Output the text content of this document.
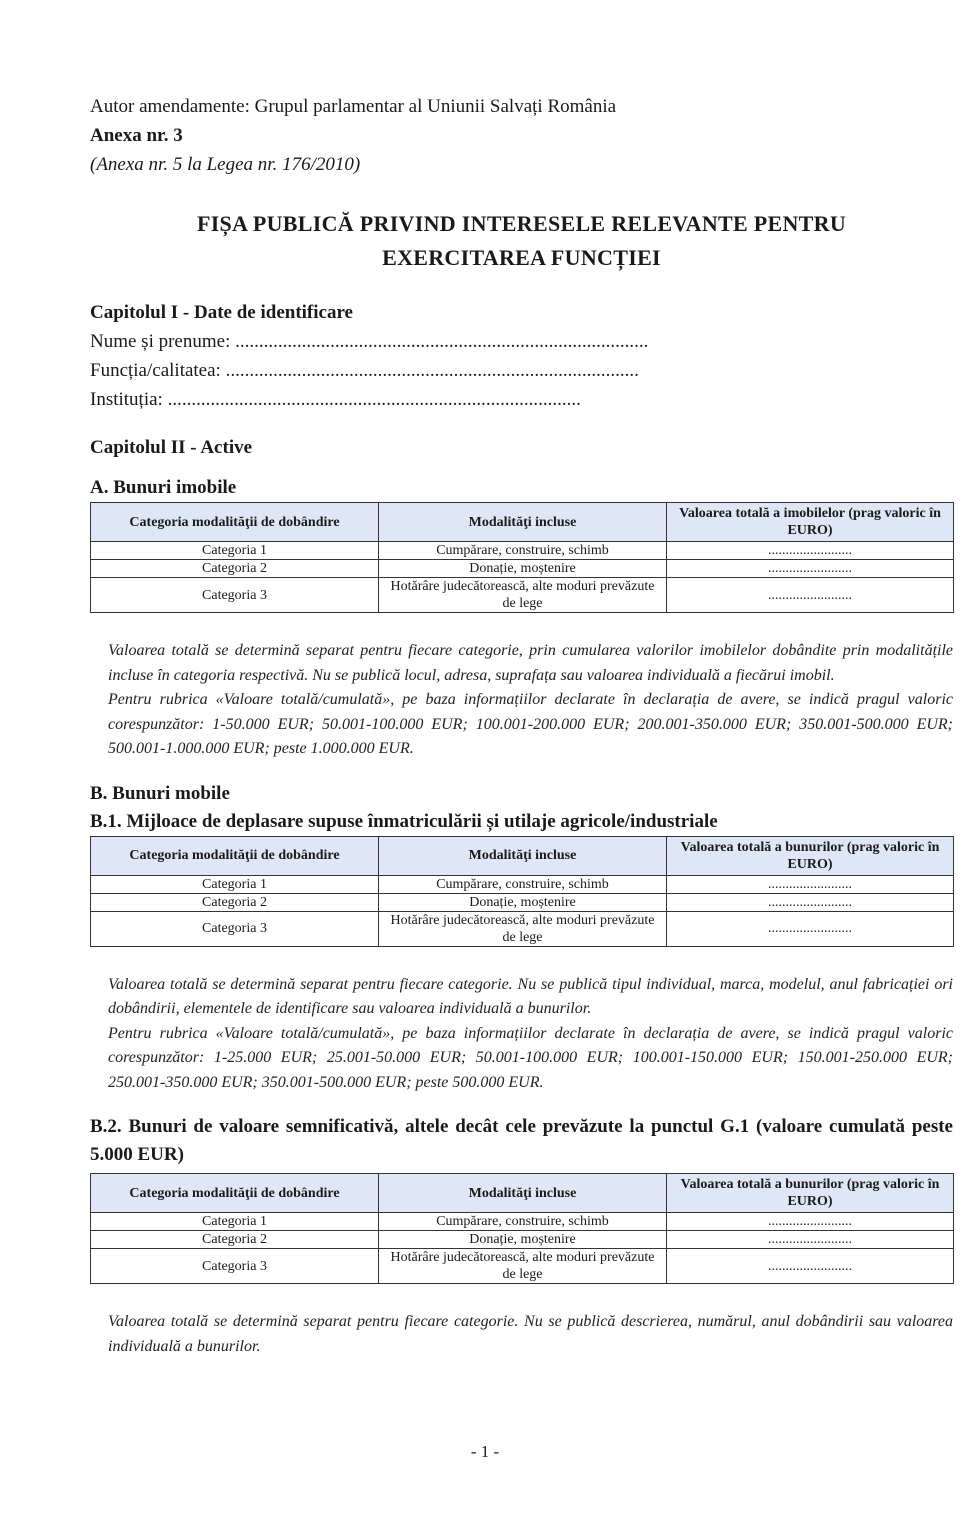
Autor amendamente: Grupul parlamentar al Uniunii Salvați România
Anexa nr. 3
(Anexa nr. 5 la Legea nr. 176/2010)
FIȘA PUBLICĂ PRIVIND INTERESELE RELEVANTE PENTRU
EXERCITAREA FUNCȚIEI
Capitolul I - Date de identificare
Nume și prenume: .......................................................................................
Funcția/calitatea: .......................................................................................
Instituția: .......................................................................................
Capitolul II - Active
A. Bunuri imobile
Categoria modalităţii de dobândire	Modalităţi incluse	Valoarea totală a imobilelor (prag valoric în EURO)
Categoria 1	Cumpărare, construire, schimb	........................
Categoria 2	Donație, moștenire	........................
Categoria 3	Hotărâre judecătorească, alte moduri prevăzute de lege	........................
Valoarea totală se determină separat pentru fiecare categorie, prin cumularea valorilor imobilelor dobândite prin modalitățile incluse în categoria respectivă. Nu se publică locul, adresa, suprafața sau valoarea individuală a fiecărui imobil.
Pentru rubrica «Valoare totală/cumulată», pe baza informațiilor declarate în declarația de avere, se indică pragul valoric corespunzător: 1-50.000 EUR; 50.001-100.000 EUR; 100.001-200.000 EUR; 200.001-350.000 EUR; 350.001-500.000 EUR; 500.001-1.000.000 EUR; peste 1.000.000 EUR.
B. Bunuri mobile
B.1. Mijloace de deplasare supuse înmatriculării și utilaje agricole/industriale
Categoria modalităţii de dobândire	Modalităţi incluse	Valoarea totală a bunurilor (prag valoric în EURO)
Categoria 1	Cumpărare, construire, schimb	........................
Categoria 2	Donație, moștenire	........................
Categoria 3	Hotărâre judecătorească, alte moduri prevăzute de lege	........................
Valoarea totală se determină separat pentru fiecare categorie. Nu se publică tipul individual, marca, modelul, anul fabricației ori dobândirii, elementele de identificare sau valoarea individuală a bunurilor.
Pentru rubrica «Valoare totală/cumulată», pe baza informațiilor declarate în declarația de avere, se indică pragul valoric corespunzător: 1-25.000 EUR; 25.001-50.000 EUR; 50.001-100.000 EUR; 100.001-150.000 EUR; 150.001-250.000 EUR; 250.001-350.000 EUR; 350.001-500.000 EUR; peste 500.000 EUR.
B.2. Bunuri de valoare semnificativă, altele decât cele prevăzute la punctul G.1 (valoare cumulată peste 5.000 EUR)
Categoria modalităţii de dobândire	Modalităţi incluse	Valoarea totală a bunurilor (prag valoric în EURO)
Categoria 1	Cumpărare, construire, schimb	........................
Categoria 2	Donație, moștenire	........................
Categoria 3	Hotărâre judecătorească, alte moduri prevăzute de lege	........................
Valoarea totală se determină separat pentru fiecare categorie. Nu se publică descrierea, numărul, anul dobândirii sau valoarea individuală a bunurilor.
- 1 -
